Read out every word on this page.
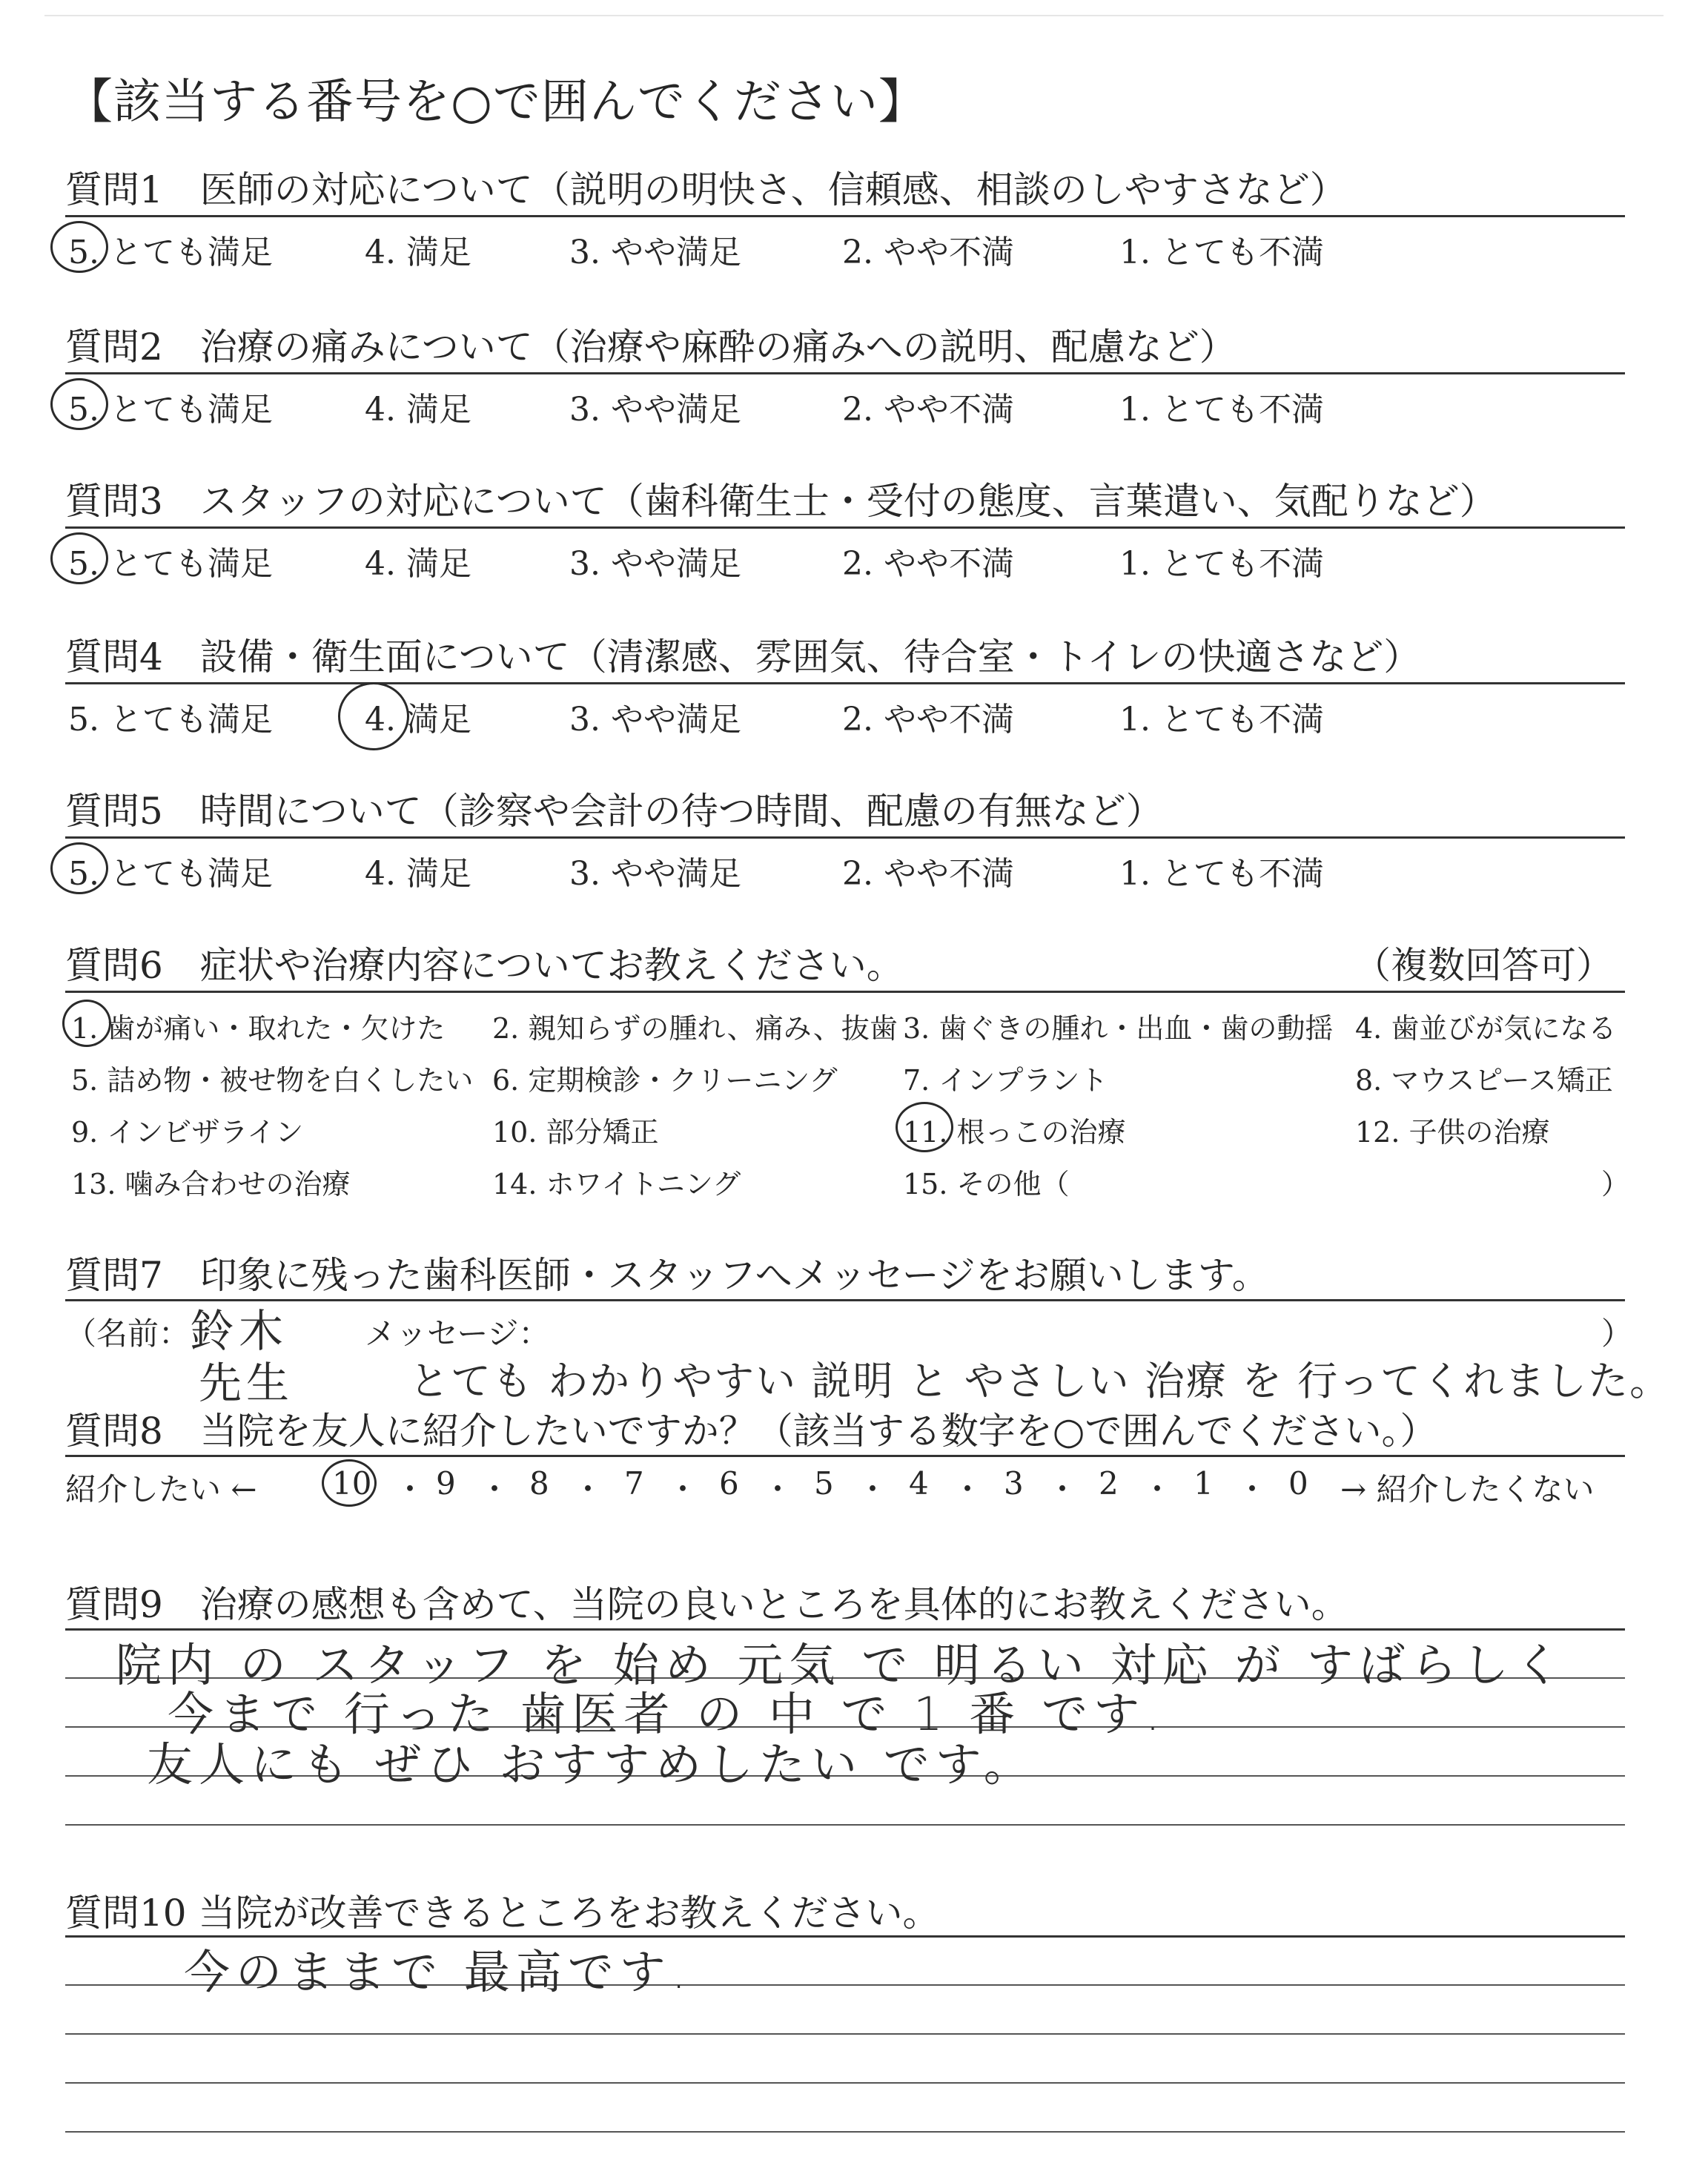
【該当する番号を○で囲んでください】
質問1　医師の対応について（説明の明快さ、信頼感、相談のしやすさなど）
5. とても満足	4. 満足	3. やや満足	2. やや不満	1. とても不満
質問2　治療の痛みについて（治療や麻酔の痛みへの説明、配慮など）
5. とても満足	4. 満足	3. やや満足	2. やや不満	1. とても不満
質問3　スタッフの対応について（歯科衛生士・受付の態度、言葉遣い、気配りなど）
5. とても満足	4. 満足	3. やや満足	2. やや不満	1. とても不満
質問4　設備・衛生面について（清潔感、雰囲気、待合室・トイレの快適さなど）
5. とても満足	4. 満足	3. やや満足	2. やや不満	1. とても不満
質問5　時間について（診察や会計の待つ時間、配慮の有無など）
5. とても満足	4. 満足	3. やや満足	2. やや不満	1. とても不満
質問6　症状や治療内容についてお教えください。	（複数回答可）
1. 歯が痛い・取れた・欠けた 2. 親知らずの腫れ、痛み、抜歯 3. 歯ぐきの腫れ・出血・歯の動揺 4. 歯並びが気になる
5. 詰め物・被せ物を白くしたい 6. 定期検診・クリーニング 7. インプラント	8. マウスピース矯正
9. インビザライン	10. 部分矯正	11. 根っこの治療	12. 子供の治療
13. 噛み合わせの治療	14. ホワイトニング	15. その他（	）
質問7　印象に残った歯科医師・スタッフへメッセージをお願いします。
（名前： 鈴木
先生
メッセージ：	）
とても わかりやすい 説明 と やさしい 治療 を 行ってくれました。
質問8　当院を友人に紹介したいですか？（該当する数字を○で囲んでください。）
紹介したい ←	→ 紹介したくない
10 ・ 9 ・ 8 ・ 7 ・ 6 ・ 5 ・ 4 ・ 3 ・ 2 ・ 1 ・ 0
質問9　治療の感想も含めて、当院の良いところを具体的にお教えください。
院内 の スタッフ を 始め 元気 で 明るい 対応 が すばらしく
今まで 行った 歯医者 の 中 で 1 番 です.
友人にも ぜひ おすすめしたい です。
質問10 当院が改善できるところをお教えください。
今のままで 最高です.
